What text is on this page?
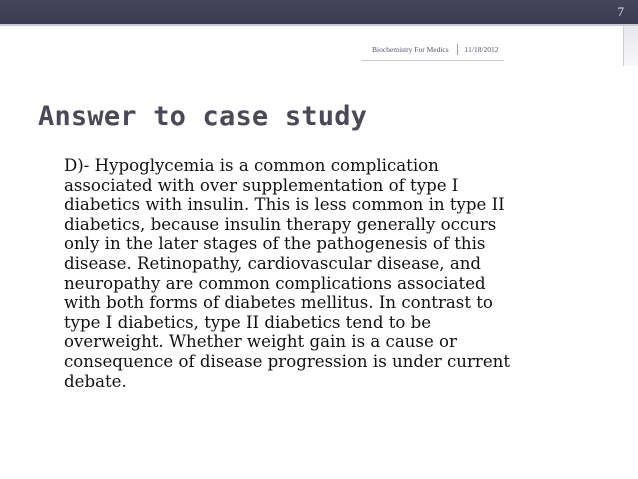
7
Biochemistry For Medics 11/18/2012
Answer to case study
D)- Hypoglycemia is a common complication
associated with over supplementation of type I
diabetics with insulin. This is less common in type II
diabetics, because insulin therapy generally occurs
only in the later stages of the pathogenesis of this
disease. Retinopathy, cardiovascular disease, and
neuropathy are common complications associated
with both forms of diabetes mellitus. In contrast to
type I diabetics, type II diabetics tend to be
overweight. Whether weight gain is a cause or
consequence of disease progression is under current
debate.
